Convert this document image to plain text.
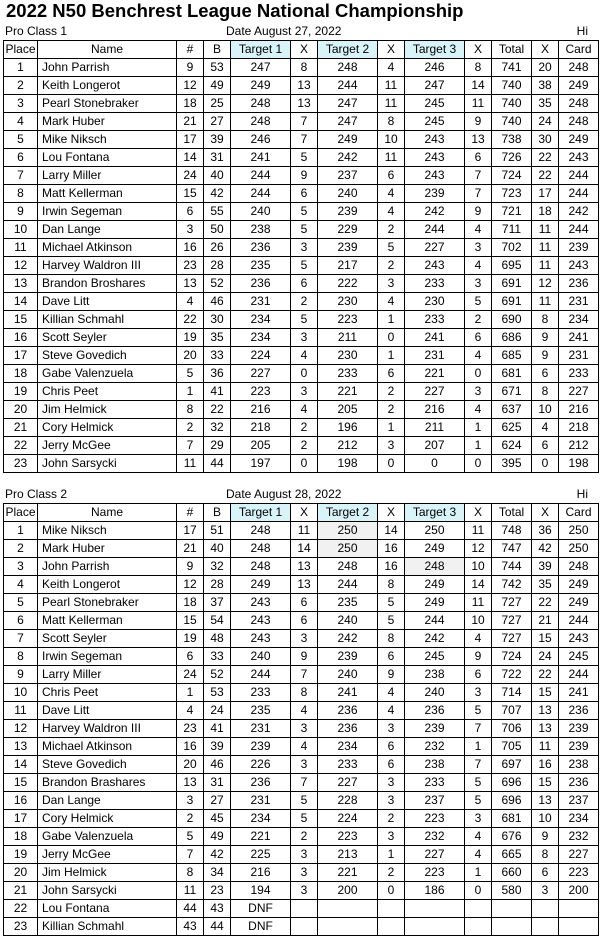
2022 N50 Benchrest League National Championship
Pro Class 1	Date August 27, 2022	Hi
Place	Name	#	B	Target 1	X	Target 2	X	Target 3	X	Total	X	Card
1	John Parrish	9	53	247	8	248	4	246	8	741	20	248
2	Keith Longerot	12	49	249	13	244	11	247	14	740	38	249
3	Pearl Stonebraker	18	25	248	13	247	11	245	11	740	35	248
4	Mark Huber	21	27	248	7	247	8	245	9	740	24	248
5	Mike Niksch	17	39	246	7	249	10	243	13	738	30	249
6	Lou Fontana	14	31	241	5	242	11	243	6	726	22	243
7	Larry Miller	24	40	244	9	237	6	243	7	724	22	244
8	Matt Kellerman	15	42	244	6	240	4	239	7	723	17	244
9	Irwin Segeman	6	55	240	5	239	4	242	9	721	18	242
10	Dan Lange	3	50	238	5	229	2	244	4	711	11	244
11	Michael Atkinson	16	26	236	3	239	5	227	3	702	11	239
12	Harvey Waldron III	23	28	235	5	217	2	243	4	695	11	243
13	Brandon Broshares	13	52	236	6	222	3	233	3	691	12	236
14	Dave Litt	4	46	231	2	230	4	230	5	691	11	231
15	Killian Schmahl	22	30	234	5	223	1	233	2	690	8	234
16	Scott Seyler	19	35	234	3	211	0	241	6	686	9	241
17	Steve Govedich	20	33	224	4	230	1	231	4	685	9	231
18	Gabe Valenzuela	5	36	227	0	233	6	221	0	681	6	233
19	Chris Peet	1	41	223	3	221	2	227	3	671	8	227
20	Jim Helmick	8	22	216	4	205	2	216	4	637	10	216
21	Cory Helmick	2	32	218	2	196	1	211	1	625	4	218
22	Jerry McGee	7	29	205	2	212	3	207	1	624	6	212
23	John Sarsycki	11	44	197	0	198	0	0	0	395	0	198
Pro Class 2	Date August 28, 2022	Hi
Place	Name	#	B	Target 1	X	Target 2	X	Target 3	X	Total	X	Card
1	Mike Niksch	17	51	248	11	250	14	250	11	748	36	250
2	Mark Huber	21	40	248	14	250	16	249	12	747	42	250
3	John Parrish	9	32	248	13	248	16	248	10	744	39	248
4	Keith Longerot	12	28	249	13	244	8	249	14	742	35	249
5	Pearl Stonebraker	18	37	243	6	235	5	249	11	727	22	249
6	Matt Kellerman	15	54	243	6	240	5	244	10	727	21	244
7	Scott Seyler	19	48	243	3	242	8	242	4	727	15	243
8	Irwin Segeman	6	33	240	9	239	6	245	9	724	24	245
9	Larry Miller	24	52	244	7	240	9	238	6	722	22	244
10	Chris Peet	1	53	233	8	241	4	240	3	714	15	241
11	Dave Litt	4	24	235	4	236	4	236	5	707	13	236
12	Harvey Waldron III	23	41	231	3	236	3	239	7	706	13	239
13	Michael Atkinson	16	39	239	4	234	6	232	1	705	11	239
14	Steve Govedich	20	46	226	3	233	6	238	7	697	16	238
15	Brandon Brashares	13	31	236	7	227	3	233	5	696	15	236
16	Dan Lange	3	27	231	5	228	3	237	5	696	13	237
17	Cory Helmick	2	45	234	5	224	2	223	3	681	10	234
18	Gabe Valenzuela	5	49	221	2	223	3	232	4	676	9	232
19	Jerry McGee	7	42	225	3	213	1	227	4	665	8	227
20	Jim Helmick	8	34	216	3	221	2	223	1	660	6	223
21	John Sarsycki	11	23	194	3	200	0	186	0	580	3	200
22	Lou Fontana	44	43	DNF								
23	Killian Schmahl	43	44	DNF								
